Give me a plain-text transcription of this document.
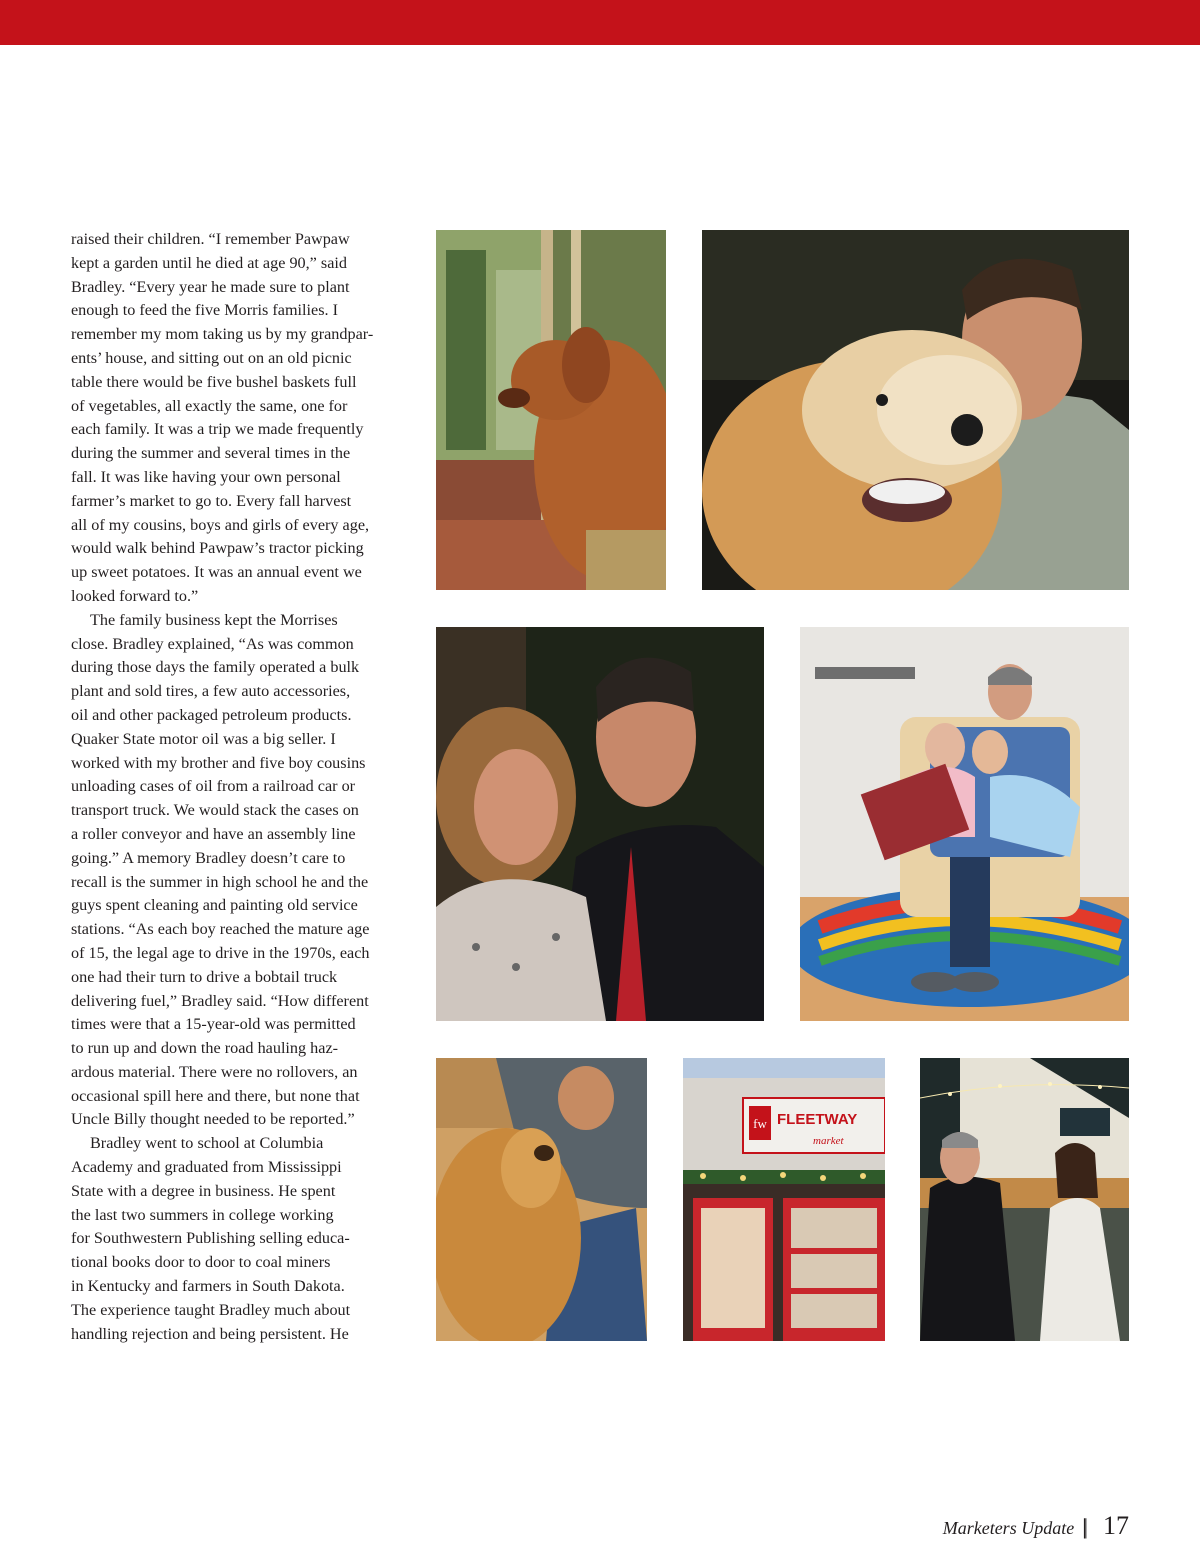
raised their children. “I remember Pawpaw
kept a garden until he died at age 90,” said
Bradley. “Every year he made sure to plant
enough to feed the five Morris families. I
remember my mom taking us by my grandpar-
ents’ house, and sitting out on an old picnic
table there would be five bushel baskets full
of vegetables, all exactly the same, one for
each family. It was a trip we made frequently
during the summer and several times in the
fall. It was like having your own personal
farmer’s market to go to. Every fall harvest
all of my cousins, boys and girls of every age,
would walk behind Pawpaw’s tractor picking
up sweet potatoes. It was an annual event we
looked forward to.”

The family business kept the Morrises
close. Bradley explained, “As was common
during those days the family operated a bulk
plant and sold tires, a few auto accessories,
oil and other packaged petroleum products.
Quaker State motor oil was a big seller. I
worked with my brother and five boy cousins
unloading cases of oil from a railroad car or
transport truck. We would stack the cases on
a roller conveyor and have an assembly line
going.” A memory Bradley doesn’t care to
recall is the summer in high school he and the
guys spent cleaning and painting old service
stations. “As each boy reached the mature age
of 15, the legal age to drive in the 1970s, each
one had their turn to drive a bobtail truck
delivering fuel,” Bradley said. “How different
times were that a 15-year-old was permitted
to run up and down the road hauling haz-
ardous material. There were no rollovers, an
occasional spill here and there, but none that
Uncle Billy thought needed to be reported.”

Bradley went to school at Columbia
Academy and graduated from Mississippi
State with a degree in business. He spent
the last two summers in college working
for Southwestern Publishing selling educa-
tional books door to door to coal miners
in Kentucky and farmers in South Dakota.
The experience taught Bradley much about
handling rejection and being persistent. He

fw FLEETWAY
market
Marketers Update || 17
